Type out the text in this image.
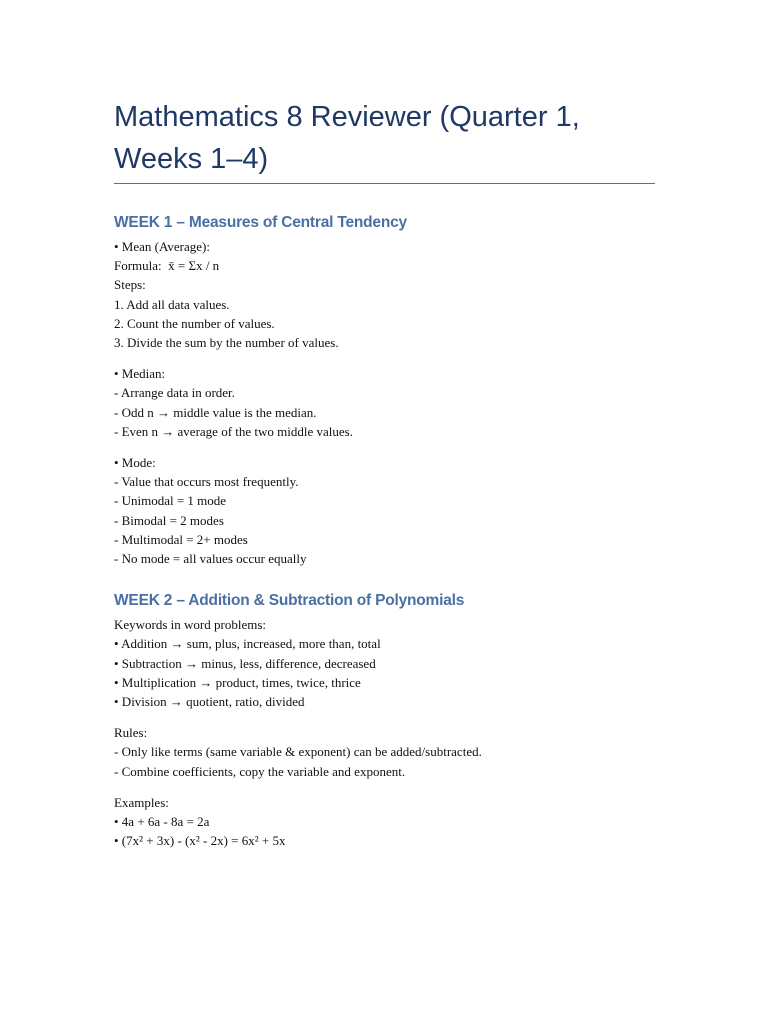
Mathematics 8 Reviewer (Quarter 1, Weeks 1–4)
WEEK 1 – Measures of Central Tendency

• Mean (Average):

Formula:  x̄ = Σx / n

Steps:

1. Add all data values.

2. Count the number of values.

3. Divide the sum by the number of values.

• Median:

- Arrange data in order.

- Odd n → middle value is the median.

- Even n → average of the two middle values.

• Mode:

- Value that occurs most frequently.

- Unimodal = 1 mode

- Bimodal = 2 modes

- Multimodal = 2+ modes

- No mode = all values occur equally

WEEK 2 – Addition & Subtraction of Polynomials

Keywords in word problems:

• Addition → sum, plus, increased, more than, total

• Subtraction → minus, less, difference, decreased

• Multiplication → product, times, twice, thrice

• Division → quotient, ratio, divided

Rules:

- Only like terms (same variable & exponent) can be added/subtracted.

- Combine coefficients, copy the variable and exponent.

Examples:

• 4a + 6a - 8a = 2a

• (7x² + 3x) - (x² - 2x) = 6x² + 5x
